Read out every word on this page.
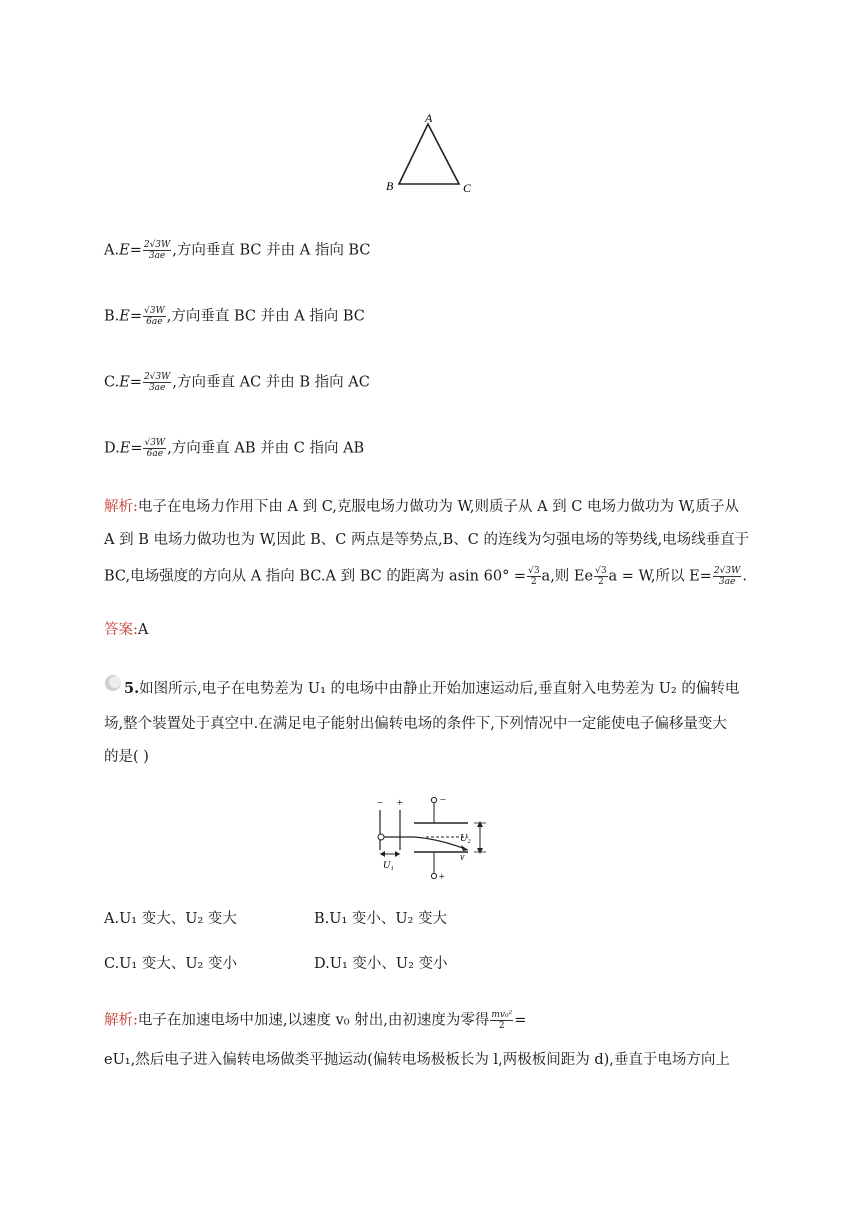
A
B	C
$A.E= \frac{2√3W}{3ae}$ ,方向垂直 BC 并由 A 指向 BC
$B.E= \frac{√3W}{6ae}$ ,方向垂直 BC 并由 A 指向 BC
$C.E= \frac{2√3W}{3ae}$ ,方向垂直 AC 并由 B 指向 AC
$D.E= \frac{√3W}{6ae}$ ,方向垂直 AB 并由 C 指向 AB
解析:电子在电场力作用下由 A 到 C,克服电场力做功为 W,则质子从 A 到 C 电场力做功为 W,质子从
A 到 B 电场力做功也为 W,因此 B、C 两点是等势点,B、C 的连线为匀强电场的等势线,电场线垂直于
BC,电场强度的方向从 A 指向 BC.A 到 BC 的距离为 asin $60^\circ = \frac{√3}{2} a$,则 Ee $\frac{√3}{2}$ a = W,所以 $E= \frac{2√3W}{3ae}$ .
答案:A
5.如图所示,电子在电势差为 U₁ 的电场中由静止开始加速运动后,垂直射入电势差为 U₂ 的偏转电
场,整个装置处于真空中.在满足电子能射出偏转电场的条件下,下列情况中一定能使电子偏移量变大
的是( )
− +	−
+
U₂
v
U₁
A.U₁ 变大、U₂ 变大	B.U₁ 变小、U₂ 变大
C.U₁ 变大、U₂ 变小	D.U₁ 变小、U₂ 变小
解析:电子在加速电场中加速,以速度 v₀ 射出,由初速度为零得 $\frac{\text{mv₀²}}{2}$ =
eU₁,然后电子进入偏转电场做类平抛运动(偏转电场极板长为 l,两极板间距为 d),垂直于电场方向上
